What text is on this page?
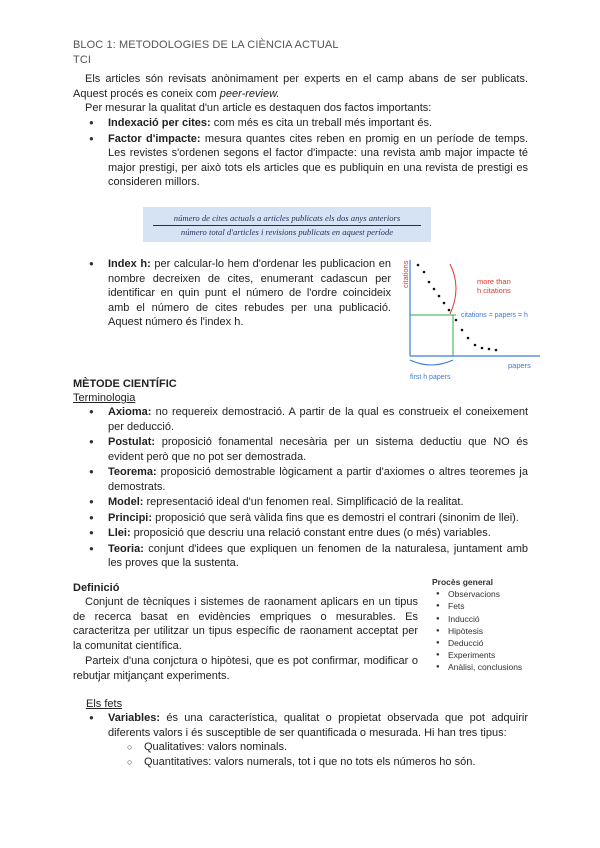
BLOC 1: METODOLOGIES DE LA CIÈNCIA ACTUAL
TCI

Els articles són revisats anònimament per experts en el camp abans de ser publicats. Aquest procés es coneix com peer-review.

Per mesurar la qualitat d'un article es destaquen dos factos importants:

● Indexació per cites: com més es cita un treball més important és.
● Factor d'impacte: mesura quantes cites reben en promig en un període de temps. Les revistes s'ordenen segons el factor d'impacte: una revista amb major impacte té major prestigi, per això tots els articles que es publiquin en una revista de prestigi es consideren millors.
número de cites actuals a articles publicats els dos anys anteriors
número total d'articles i revisions publicats en aquest període
● Index h: per calcular-lo hem d'ordenar les publicacion en nombre decreixen de cites, enumerant cadascun per identificar en quin punt el número de l'ordre coincideix amb el número de cites rebudes per una publicació. Aquest número és l'index h.
citations
papers
more than
h citations
citations = papers = h
first h papers
MÈTODE CIENTÍFIC
Terminologia
● Axioma: no requereix demostració. A partir de la qual es construeix el coneixement per deducció.
● Postulat: proposició fonamental necesària per un sistema deductiu que NO és evident però que no pot ser demostrada.
● Teorema: proposició demostrable lògicament a partir d'axiomes o altres teoremes ja demostrats.
● Model: representació ideal d'un fenomen real. Simplificació de la realitat.
● Principi: proposició que serà vàlida fins que es demostri el contrari (sinonim de llei).
● Llei: proposició que descriu una relació constant entre dues (o més) variables.
● Teoria: conjunt d'idees que expliquen un fenomen de la naturalesa, juntament amb les proves que la sustenta.
Definició

Conjunt de tècniques i sistemes de raonament aplicars en un tipus de recerca basat en evidències empriques o mesurables. Es caracteritza per utilitzar un tipus específic de raonament acceptat per la comunitat científica.

Parteix d'una conjctura o hipòtesi, que es pot confirmar, modificar o rebutjar mitjançant experiments.

Procès general
● Observacions
● Fets
● Inducció
● Hipòtesis
● Deducció
● Experiments
● Anàlisi, conclusions
Els fets
● Variables: és una característica, qualitat o propietat observada que pot adquirir diferents valors i és susceptible de ser quantificada o mesurada. Hi han tres tipus:
○ Qualitatives: valors nominals.
○ Quantitatives: valors numerals, tot i que no tots els números ho són.
